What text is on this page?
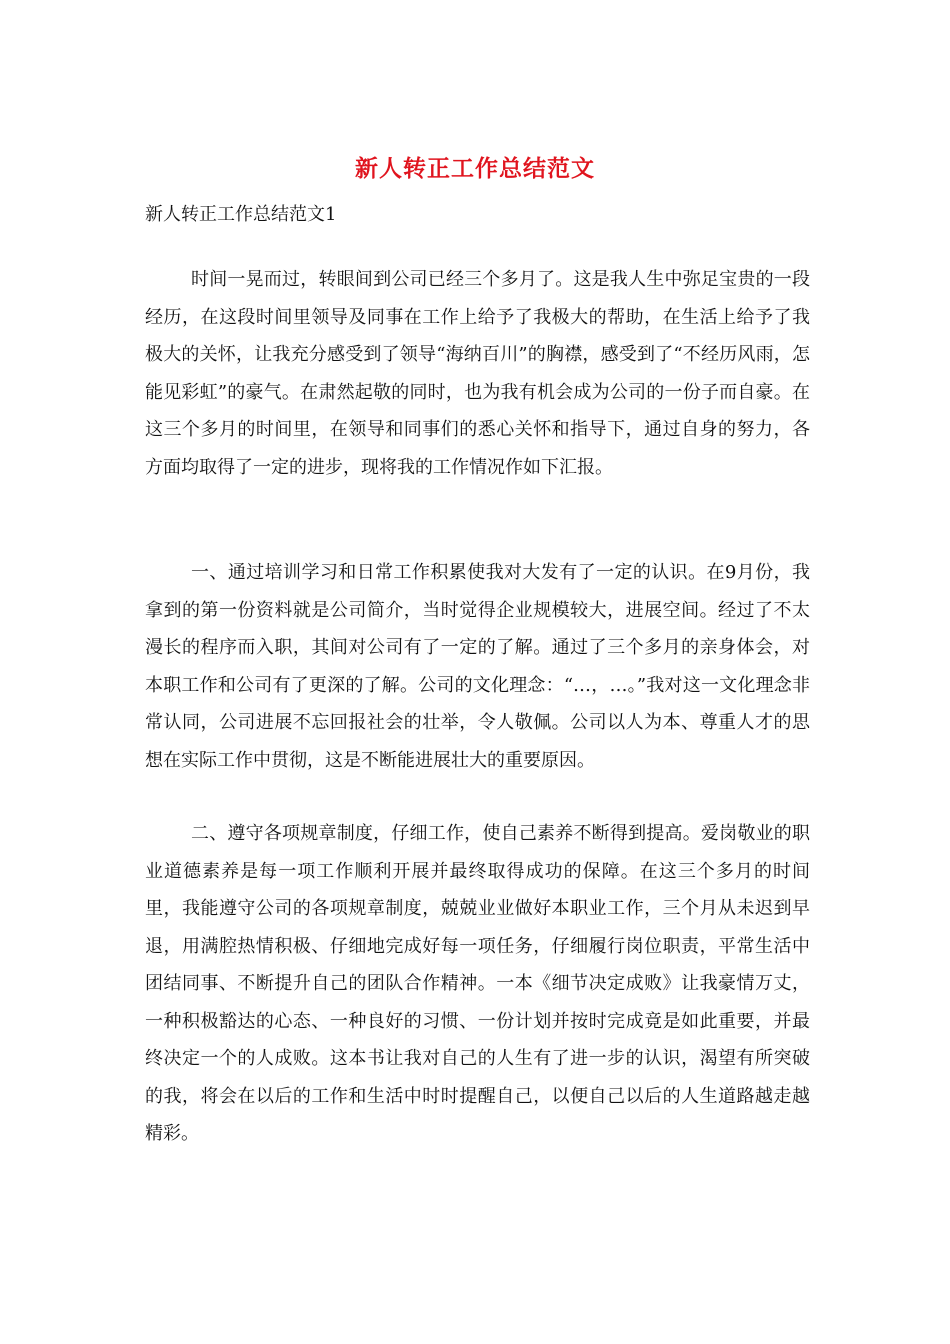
新人转正工作总结范文

新人转正工作总结范文1

时间一晃而过，转眼间到公司已经三个多月了。这是我人生中弥足宝贵的一段经历，在这段时间里领导及同事在工作上给予了我极大的帮助，在生活上给予了我极大的关怀，让我充分感受到了领导“海纳百川”的胸襟，感受到了“不经历风雨，怎能见彩虹”的豪气。在肃然起敬的同时，也为我有机会成为公司的一份子而自豪。在这三个多月的时间里，在领导和同事们的悉心关怀和指导下，通过自身的努力，各方面均取得了一定的进步，现将我的工作情况作如下汇报。

一、通过培训学习和日常工作积累使我对大发有了一定的认识。在9月份，我拿到的第一份资料就是公司简介，当时觉得企业规模较大，进展空间。经过了不太漫长的程序而入职，其间对公司有了一定的了解。通过了三个多月的亲身体会，对本职工作和公司有了更深的了解。公司的文化理念：“…，…。”我对这一文化理念非常认同，公司进展不忘回报社会的壮举，令人敬佩。公司以人为本、尊重人才的思想在实际工作中贯彻，这是不断能进展壮大的重要原因。

二、遵守各项规章制度，仔细工作，使自己素养不断得到提高。爱岗敬业的职业道德素养是每一项工作顺利开展并最终取得成功的保障。在这三个多月的时间里，我能遵守公司的各项规章制度，兢兢业业做好本职业工作，三个月从未迟到早退，用满腔热情积极、仔细地完成好每一项任务，仔细履行岗位职责，平常生活中团结同事、不断提升自己的团队合作精神。一本《细节决定成败》让我豪情万丈，一种积极豁达的心态、一种良好的习惯、一份计划并按时完成竟是如此重要，并最终决定一个的人成败。这本书让我对自己的人生有了进一步的认识，渴望有所突破的我，将会在以后的工作和生活中时时提醒自己，以便自己以后的人生道路越走越精彩。
